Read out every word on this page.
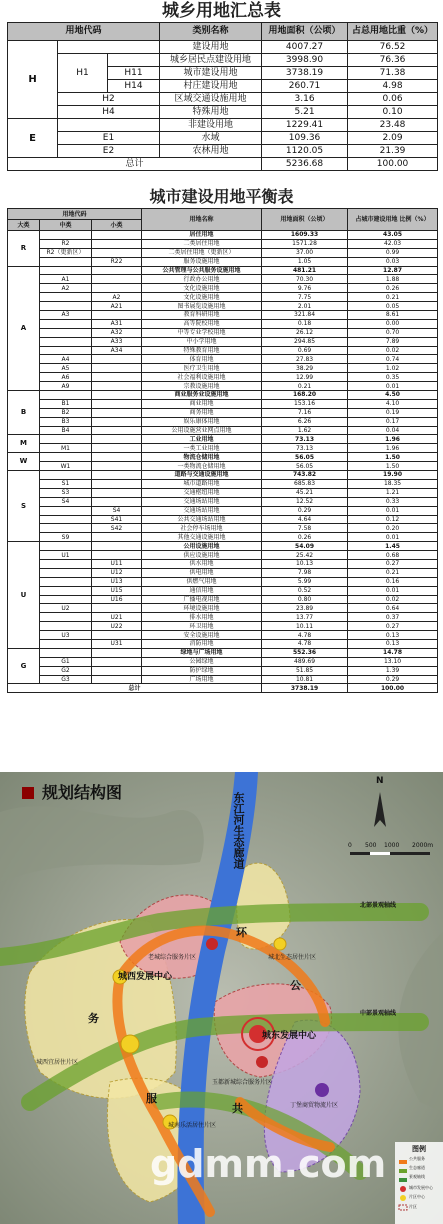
城乡用地汇总表
用地代码			类别名称	用地面积（公顷）	占总用地比重（%）
H			建设用地	4007.27	76.52
	H1		城乡居民点建设用地	3998.90	76.36
		H11	城市建设用地	3738.19	71.38
		H14	村庄建设用地	260.71	4.98
	H2		区域交通设施用地	3.16	0.06
	H4		特殊用地	5.21	0.10
E			非建设用地	1229.41	23.48
	E1		水域	109.36	2.09
	E2		农林用地	1120.05	21.39
总计				5236.68	100.00
城市建设用地平衡表
用地代码			用地名称	用地面积（公顷）	占城市建设用地 比例（%）
大类	中类	小类			
R			居住用地	1609.33	43.05
	R2		二类居住用地	1571.28	42.03
	R2（更新区）		二类居住用地（更新区）	37.00	0.99
		R22	服务设施用地	1.05	0.03
A			公共管理与公共服务设施用地	481.21	12.87
	A1		行政办公用地	70.30	1.88
	A2		文化设施用地	9.76	0.26
		A2	文化设施用地	7.75	0.21
		A21	图书展览设施用地	2.01	0.05
	A3		教育科研用地	321.84	8.61
		A31	高等院校用地	0.18	0.00
		A32	中等专业学校用地	26.12	0.70
		A33	中小学用地	294.85	7.89
		A34	特殊教育用地	0.69	0.02
	A4		体育用地	27.83	0.74
	A5		医疗卫生用地	38.29	1.02
	A6		社会福利设施用地	12.99	0.35
	A9		宗教设施用地	0.21	0.01
B			商业服务业设施用地	168.20	4.50
	B1		商业用地	153.16	4.10
	B2		商务用地	7.16	0.19
	B3		娱乐康体用地	6.26	0.17
	B4		公用设施营业网点用地	1.62	0.04
M			工业用地	73.13	1.96
	M1		一类工业用地	73.13	1.96
W			物流仓储用地	56.05	1.50
	W1		一类物流仓储用地	56.05	1.50
S			道路与交通设施用地	743.82	19.90
	S1		城市道路用地	685.83	18.35
	S3		交通枢纽用地	45.21	1.21
	S4		交通场站用地	12.52	0.33
		S4	交通场站用地	0.29	0.01
		S41	公共交通场站用地	4.64	0.12
		S42	社会停车场用地	7.58	0.20
	S9		其他交通设施用地	0.26	0.01
U			公用设施用地	54.09	1.45
	U1		供应设施用地	25.42	0.68
		U11	供水用地	10.13	0.27
		U12	供电用地	7.98	0.21
		U13	供燃气用地	5.99	0.16
		U15	通信用地	0.52	0.01
		U16	广播电视用地	0.80	0.02
	U2		环境设施用地	23.89	0.64
		U21	排水用地	13.77	0.37
		U22	环卫用地	10.11	0.27
	U3		安全设施用地	4.78	0.13
		U31	消防用地	4.78	0.13
G			绿地与广场用地	552.36	14.78
	G1		公园绿地	489.69	13.10
	G2		防护绿地	51.85	1.39
	G3		广场用地	10.81	0.29
总计				3738.19	100.00
东江河生态廊道
环
公
务
服
共
城西发展中心
城东发展中心
老城综合服务片区	城北生态居住片区
城西宜居住片区
城南乐活居住片区
玉都新城综合服务片区
丁堡商贸物流片区
北部景观轴线
中部景观轴线
N
0 500 1000 2000m
图例
公共服务
生态廊道
景观轴线
城市发展中心
片区中心
片区
gdmm.com
规划结构图
